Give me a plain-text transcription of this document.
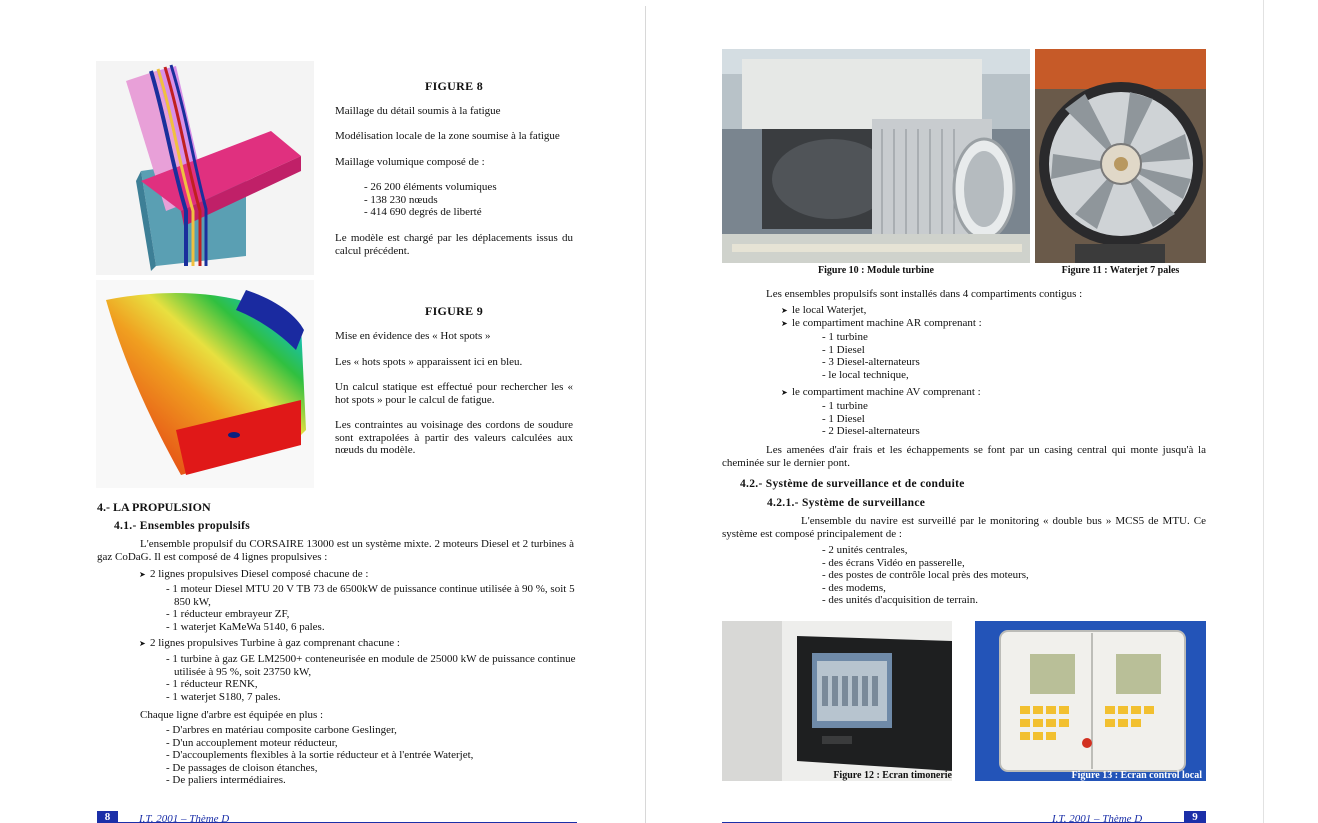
FIGURE 8

Maillage du détail soumis à la fatigue

Modélisation locale de la zone soumise à la fatigue

Maillage volumique composé de :

- 26 200 éléments volumiques
- 138 230 nœuds
- 414 690 degrés de liberté

Le modèle est chargé par les déplacements issus du calcul précédent.

FIGURE 9

Mise en évidence des « Hot spots »

Les « hots spots » apparaissent ici en bleu.

Un calcul statique est effectué pour rechercher les « hot spots » pour le calcul de fatigue.

Les contraintes au voisinage des cordons de soudure sont extrapolées à partir des valeurs calculées aux nœuds du modèle.

4.- LA PROPULSION
4.1.- Ensembles propulsifs

L'ensemble propulsif du CORSAIRE 13000 est un système mixte. 2 moteurs Diesel et 2 turbines à gaz CoDaG. Il est composé de 4 lignes propulsives :

➤ 2 lignes propulsives Diesel composé chacune de :
- 1 moteur Diesel MTU 20 V TB 73 de 6500kW de puissance continue utilisée à 90 %, soit 5 850 kW,
- 1 réducteur embrayeur ZF,
- 1 waterjet KaMeWa 5140, 6 pales.
➤ 2 lignes propulsives Turbine à gaz comprenant chacune :
- 1 turbine à gaz GE LM2500+ conteneurisée en module de 25000 kW de puissance continue utilisée à 95 %, soit 23750 kW,
- 1 réducteur RENK,
- 1 waterjet S180, 7 pales.

Chaque ligne d'arbre est équipée en plus :

- D'arbres en matériau composite carbone Geslinger,
- D'un accouplement moteur réducteur,
- D'accouplements flexibles à la sortie réducteur et à l'entrée Waterjet,
- De passages de cloison étanches,
- De paliers intermédiaires.
8	I.T. 2001 – Thème D
Figure 10 : Module turbine	Figure 11 : Waterjet 7 pales

Les ensembles propulsifs sont installés dans 4 compartiments contigus :

➤ le local Waterjet,
➤ le compartiment machine AR comprenant :
- 1 turbine
- 1 Diesel
- 3 Diesel-alternateurs
- le local technique,
➤ le compartiment machine AV comprenant :
- 1 turbine
- 1 Diesel
- 2 Diesel-alternateurs

Les amenées d'air frais et les échappements se font par un casing central qui monte jusqu'à la cheminée sur le dernier pont.

4.2.- Système de surveillance et de conduite
4.2.1.- Système de surveillance

L'ensemble du navire est surveillé par le monitoring « double bus » MCS5 de MTU. Ce système est composé principalement de :

- 2 unités centrales,
- des écrans Vidéo en passerelle,
- des postes de contrôle local près des moteurs,
- des modems,
- des unités d'acquisition de terrain.
Figure 12 : Ecran timonerie	Figure 13 : Ecran control local
I.T. 2001 – Thème D	9
